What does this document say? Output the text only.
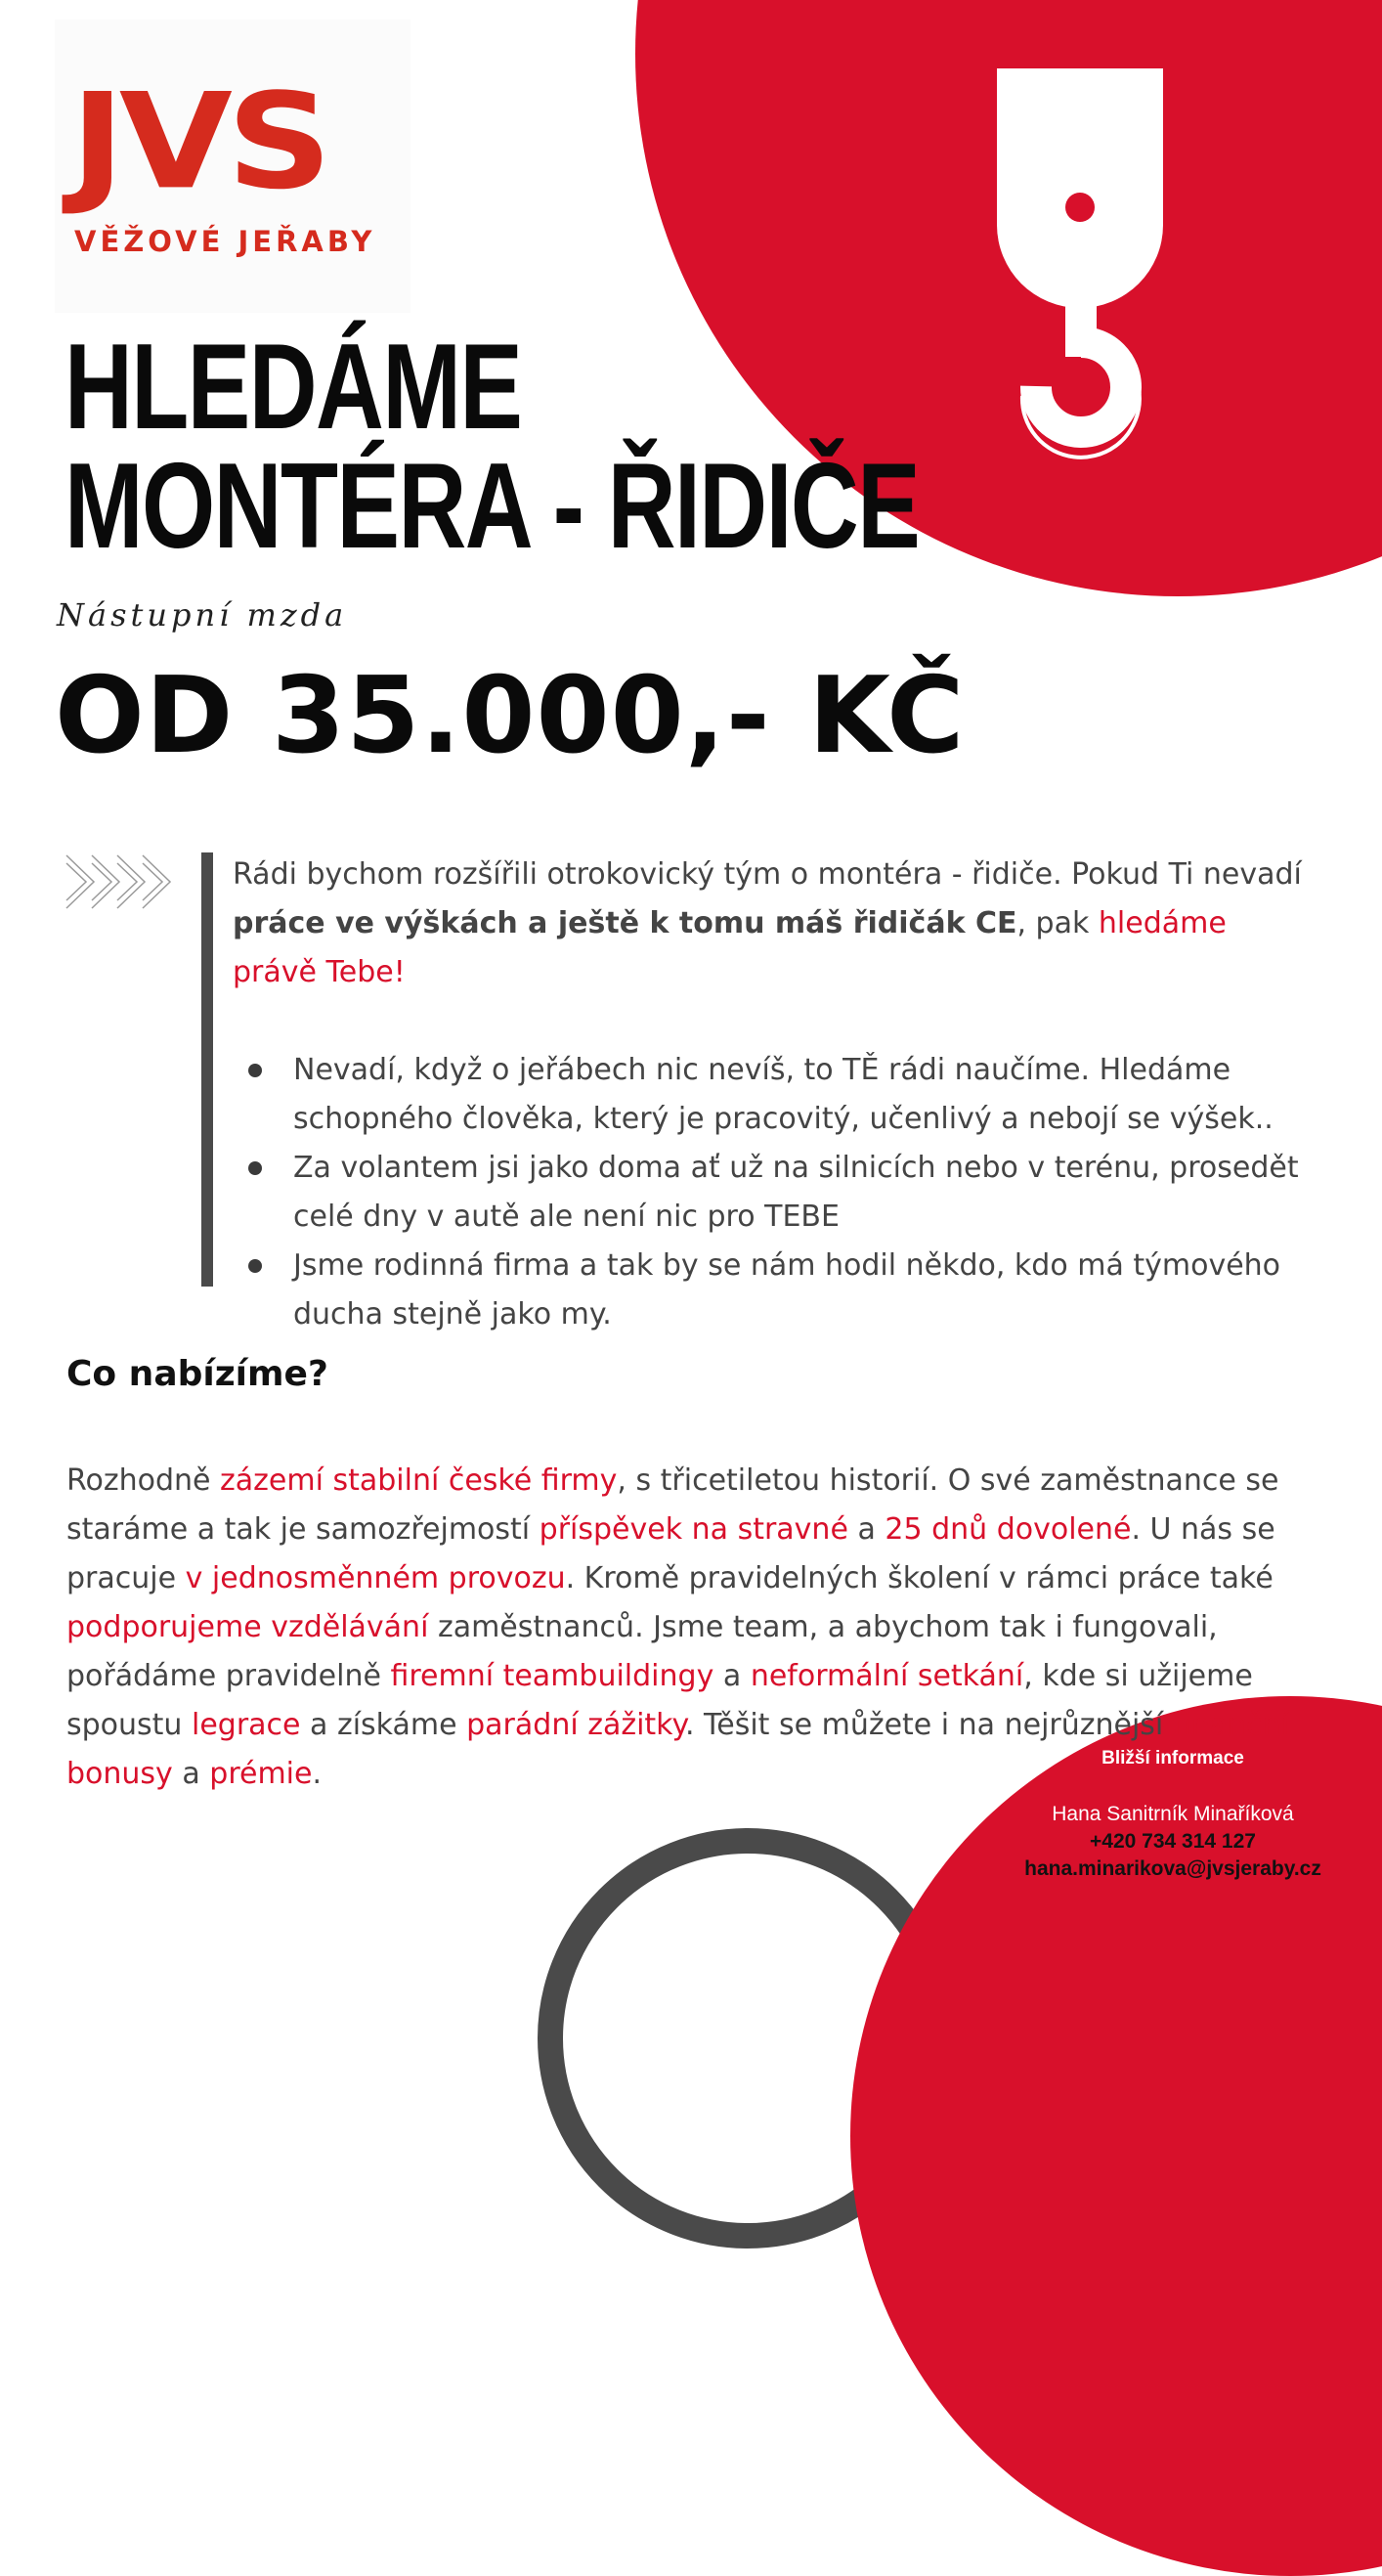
JVS
VĚŽOVÉ JEŘABY
HLEDÁME
MONTÉRA - ŘIDIČE
Nástupní mzda
OD 35.000,- KČ
Rádi bychom rozšířili otrokovický tým o montéra - řidiče. Pokud Ti nevadí práce ve výškách a ještě k tomu máš řidičák CE, pak hledáme právě Tebe!
Nevadí, když o jeřábech nic nevíš, to TĚ rádi naučíme. Hledáme schopného člověka, který je pracovitý, učenlivý a nebojí se výšek..
Za volantem jsi jako doma ať už na silnicích nebo v terénu, prosedět celé dny v autě ale není nic pro TEBE
Jsme rodinná firma a tak by se nám hodil někdo, kdo má týmového ducha stejně jako my.
Co nabízíme?
Rozhodně zázemí stabilní české firmy, s třicetiletou historií. O své zaměstnance se staráme a tak je samozřejmostí příspěvek na stravné a 25 dnů dovolené. U nás se pracuje v jednosměnném provozu. Kromě pravidelných školení v rámci práce také podporujeme vzdělávání zaměstnanců. Jsme team, a abychom tak i fungovali, pořádáme pravidelně firemní teambuildingy a neformální setkání, kde si užijeme spoustu legrace a získáme parádní zážitky. Těšit se můžete i na nejrůznější finanční bonusy a prémie.	Bližší informace
Hana Sanitrník Minaříková
+420 734 314 127
hana.minarikova@jvsjeraby.cz
